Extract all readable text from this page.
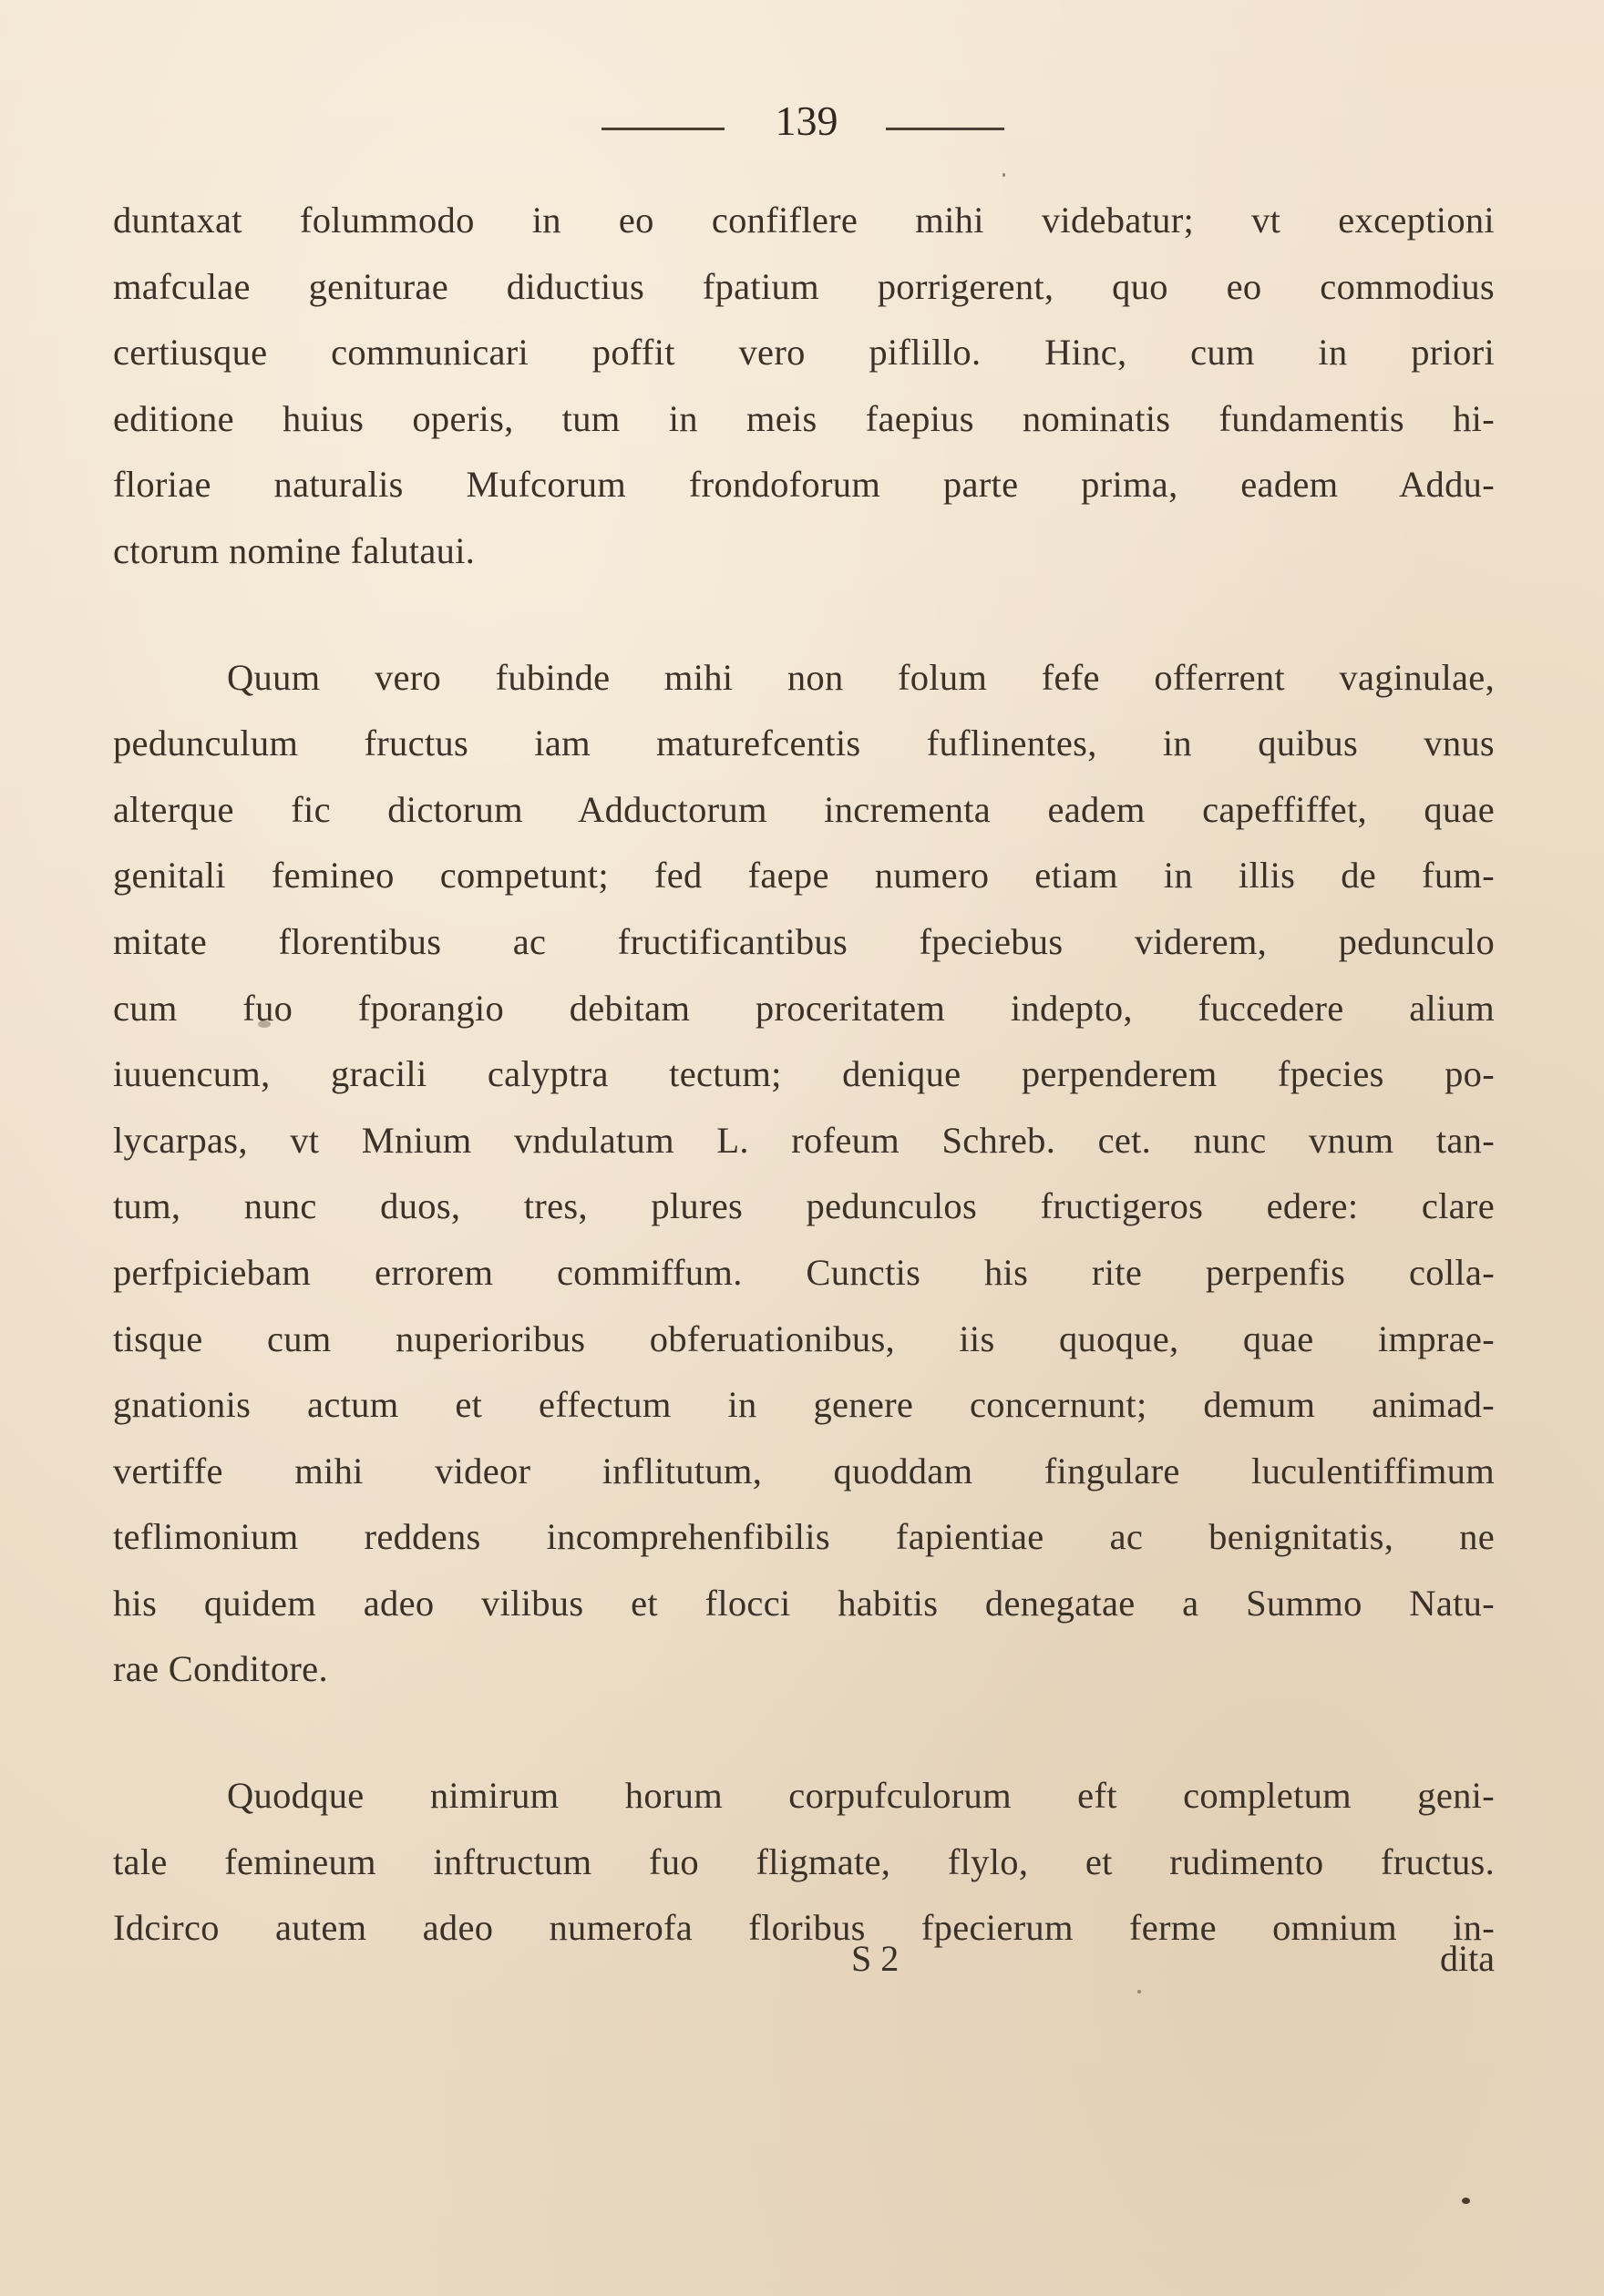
139
duntaxat folummodo in eo confiflere mihi videbatur; vt exceptioni
mafculae geniturae diductius fpatium porrigerent, quo eo commodius
certiusque communicari poffit vero piflillo. Hinc, cum in priori
editione huius operis, tum in meis faepius nominatis fundamentis hi-
floriae naturalis Mufcorum frondoforum parte prima, eadem Addu-
ctorum nomine falutaui.
Quum vero fubinde mihi non folum fefe offerrent vaginulae,
pedunculum fructus iam maturefcentis fuflinentes, in quibus vnus
alterque fic dictorum Adductorum incrementa eadem capeffiffet, quae
genitali femineo competunt; fed faepe numero etiam in illis de fum-
mitate florentibus ac fructificantibus fpeciebus viderem, pedunculo
cum fuo fporangio debitam proceritatem indepto, fuccedere alium
iuuencum, gracili calyptra tectum; denique perpenderem fpecies po-
lycarpas, vt Mnium vndulatum L. rofeum Schreb. cet. nunc vnum tan-
tum, nunc duos, tres, plures pedunculos fructigeros edere: clare
perfpiciebam errorem commiffum. Cunctis his rite perpenfis colla-
tisque cum nuperioribus obferuationibus, iis quoque, quae imprae-
gnationis actum et effectum in genere concernunt; demum animad-
vertiffe mihi videor inflitutum, quoddam fingulare luculentiffimum
teflimonium reddens incomprehenfibilis fapientiae ac benignitatis, ne
his quidem adeo vilibus et flocci habitis denegatae a Summo Natu-
rae Conditore.
Quodque nimirum horum corpufculorum eft completum geni-
tale femineum inftructum fuo fligmate, flylo, et rudimento fructus.
Idcirco autem adeo numerofa floribus fpecierum ferme omnium in-
S 2	dita
